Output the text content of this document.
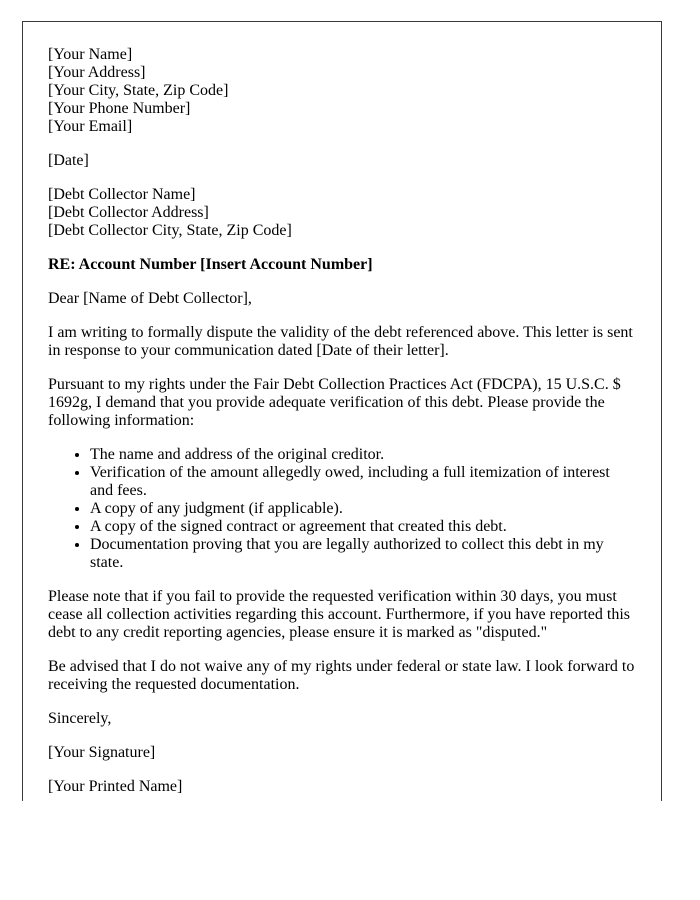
[Your Name]
[Your Address]
[Your City, State, Zip Code]
[Your Phone Number]
[Your Email]
[Date]
[Debt Collector Name]
[Debt Collector Address]
[Debt Collector City, State, Zip Code]
RE: Account Number [Insert Account Number]
Dear [Name of Debt Collector],
I am writing to formally dispute the validity of the debt referenced above. This letter is sent in response to your communication dated [Date of their letter].
Pursuant to my rights under the Fair Debt Collection Practices Act (FDCPA), 15 U.S.C. $ 1692g, I demand that you provide adequate verification of this debt. Please provide the following information:
• The name and address of the original creditor.
• Verification of the amount allegedly owed, including a full itemization of interest and fees.
• A copy of any judgment (if applicable).
• A copy of the signed contract or agreement that created this debt.
• Documentation proving that you are legally authorized to collect this debt in my state.
Please note that if you fail to provide the requested verification within 30 days, you must cease all collection activities regarding this account. Furthermore, if you have reported this debt to any credit reporting agencies, please ensure it is marked as "disputed."
Be advised that I do not waive any of my rights under federal or state law. I look forward to receiving the requested documentation.
Sincerely,
[Your Signature]
[Your Printed Name]
